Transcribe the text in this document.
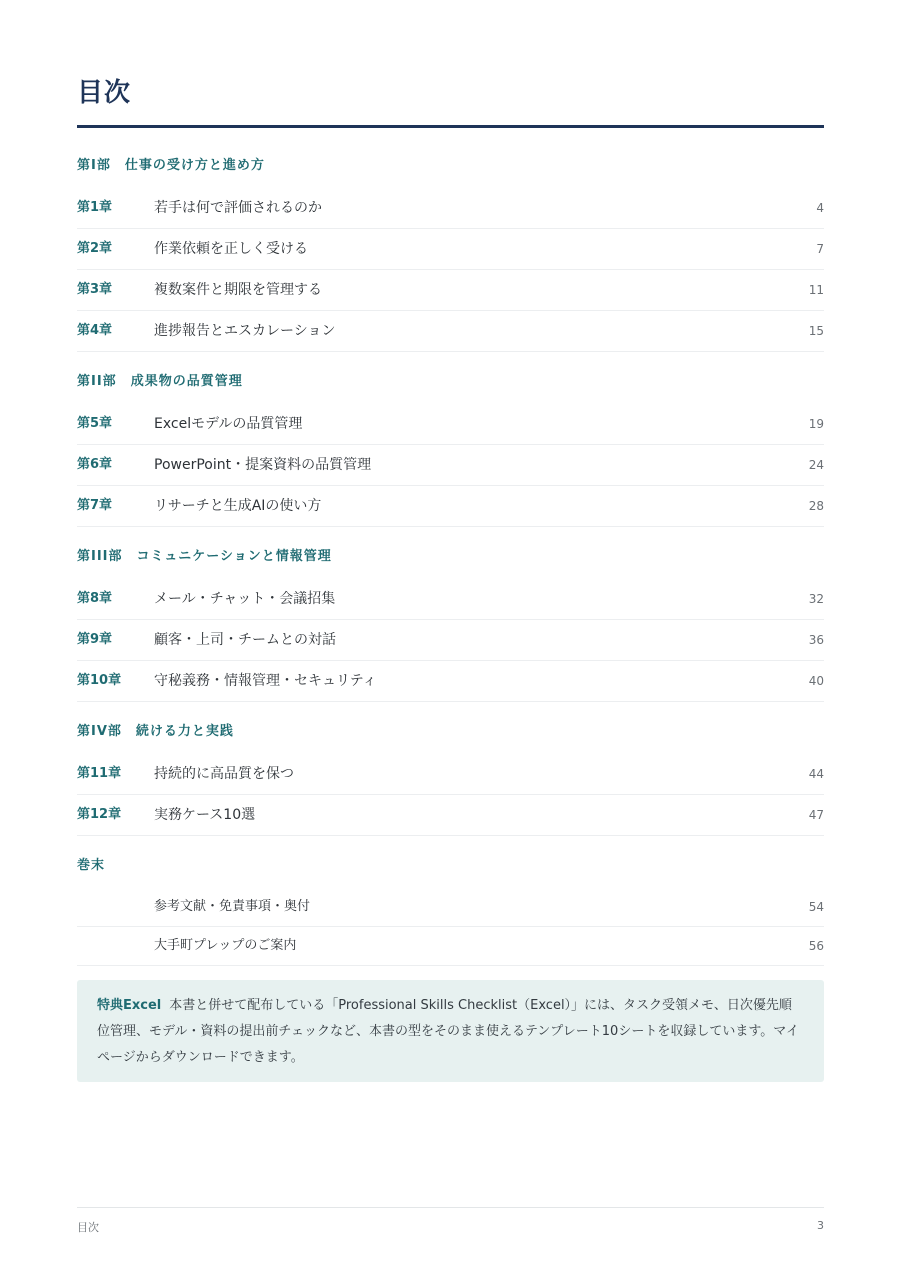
目次
第I部 仕事の受け方と進め方
第1章	若手は何で評価されるのか	4
第2章	作業依頼を正しく受ける	7
第3章	複数案件と期限を管理する	11
第4章	進捗報告とエスカレーション	15
第II部 成果物の品質管理
第5章	Excelモデルの品質管理	19
第6章	PowerPoint・提案資料の品質管理	24
第7章	リサーチと生成AIの使い方	28
第III部 コミュニケーションと情報管理
第8章	メール・チャット・会議招集	32
第9章	顧客・上司・チームとの対話	36
第10章 守秘義務・情報管理・セキュリティ	40
第IV部 続ける力と実践
第11章 持続的に高品質を保つ	44
第12章 実務ケース10選	47
巻末
参考文献・免責事項・奥付	54
大手町プレップのご案内	56
特典Excel 本書と併せて配布している「Professional Skills Checklist（Excel）」には、タスク受領メモ、日次優先順位管理、モデル・資料の提出前チェックなど、本書の型をそのまま使えるテンプレート10シートを収録しています。マイページからダウンロードできます。
目次	3
